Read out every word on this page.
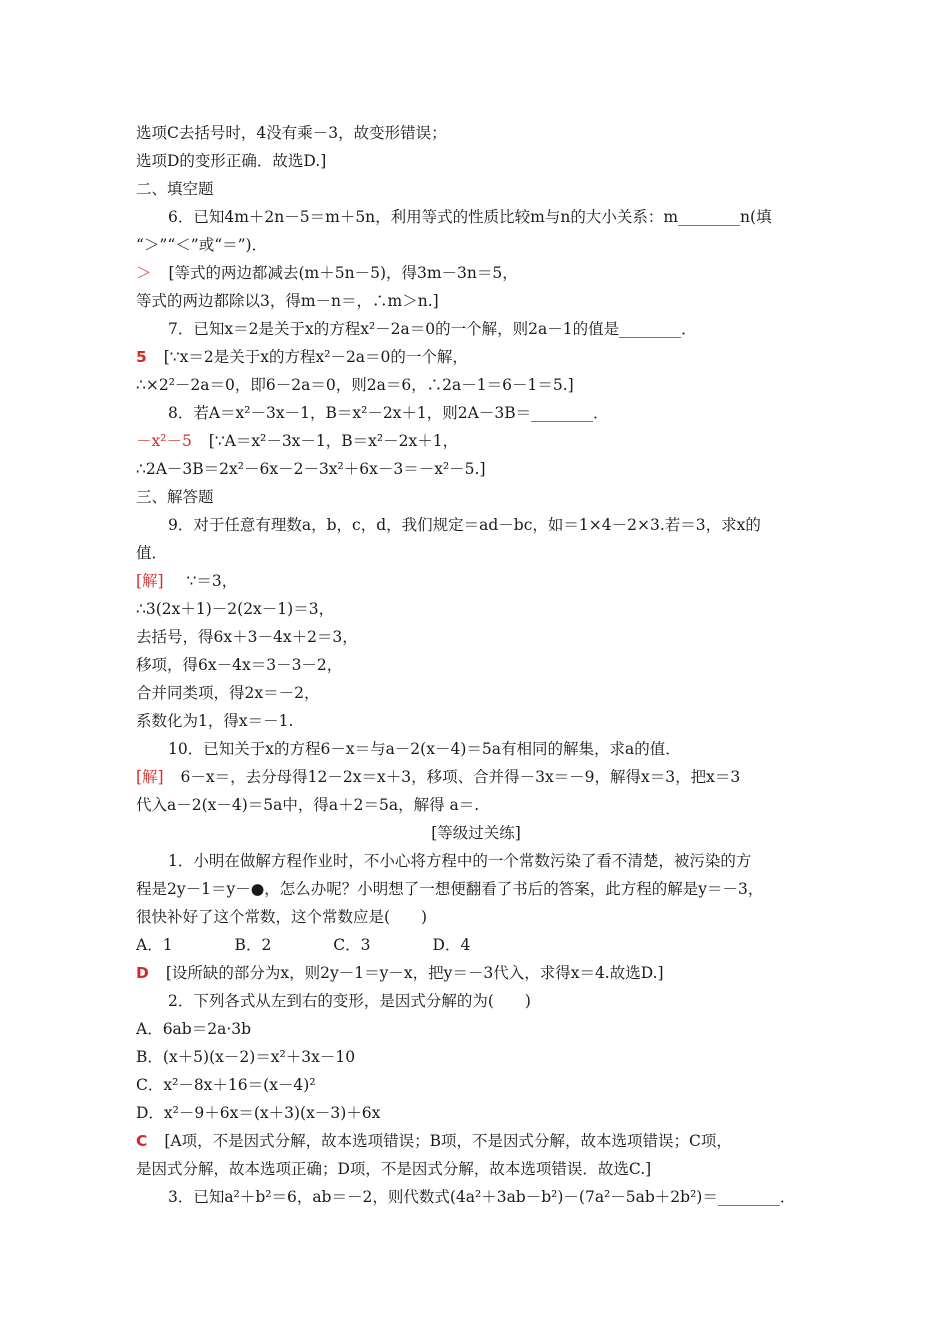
选项C去括号时，4没有乘－3，故变形错误；
选项D的变形正确．故选D.]
二、填空题
6．已知4m＋2n－5＝m＋5n，利用等式的性质比较m与n的大小关系：m________n(填
“＞”“＜”或“＝”)．
＞ [等式的两边都减去(m＋5n－5)，得3m－3n＝5，
等式的两边都除以3，得m－n＝，∴m＞n.]
7．已知x＝2是关于x的方程x²－2a＝0的一个解，则2a－1的值是________．
5 [∵x＝2是关于x的方程x²－2a＝0的一个解，
∴×2²－2a＝0，即6－2a＝0，则2a＝6，∴2a－1＝6－1＝5.]
8．若A＝x²－3x－1，B＝x²－2x＋1，则2A－3B＝________．
－x²－5 [∵A＝x²－3x－1，B＝x²－2x＋1，
∴2A－3B＝2x²－6x－2－3x²＋6x－3＝－x²－5.]
三、解答题
9．对于任意有理数a，b，c，d，我们规定＝ad－bc，如＝1×4－2×3.若＝3，求x的
值．
[解] ∵＝3，
∴3(2x＋1)－2(2x－1)＝3，
去括号，得6x＋3－4x＋2＝3，
移项，得6x－4x＝3－3－2，
合并同类项，得2x＝－2，
系数化为1，得x＝－1.
10．已知关于x的方程6－x＝与a－2(x－4)＝5a有相同的解集，求a的值．
[解] 6－x＝，去分母得12－2x＝x＋3，移项、合并得－3x＝－9，解得x＝3，把x＝3
代入a－2(x－4)＝5a中，得a＋2＝5a，解得 a＝.
[等级过关练]
1．小明在做解方程作业时，不小心将方程中的一个常数污染了看不清楚，被污染的方
程是2y－1＝y－●，怎么办呢？小明想了一想便翻看了书后的答案，此方程的解是y＝－3，
很快补好了这个常数，这个常数应是(　　)
A．1　　　　B．2　　　　C．3　　　　D．4
D [设所缺的部分为x，则2y－1＝y－x，把y＝－3代入，求得x＝4.故选D.]
2．下列各式从左到右的变形，是因式分解的为(　　)
A．6ab＝2a·3b
B．(x＋5)(x－2)＝x²＋3x－10
C．x²－8x＋16＝(x－4)²
D．x²－9＋6x＝(x＋3)(x－3)＋6x
C [A项，不是因式分解，故本选项错误；B项，不是因式分解，故本选项错误；C项，
是因式分解，故本选项正确；D项，不是因式分解，故本选项错误．故选C.]
3．已知a²＋b²＝6，ab＝－2，则代数式(4a²＋3ab－b²)－(7a²－5ab＋2b²)＝________．
